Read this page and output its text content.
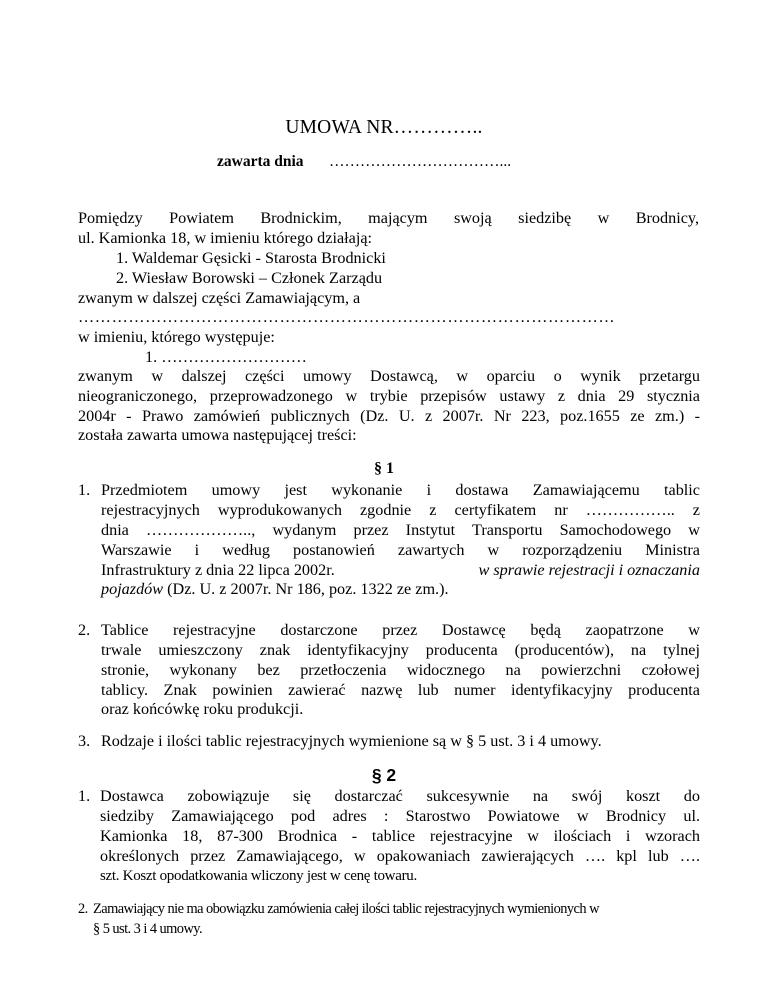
UMOWA NR…………..
zawarta dnia ……………………………...
Pomiędzy Powiatem Brodnickim, mającym swoją siedzibę w Brodnicy,
ul. Kamionka 18, w imieniu którego działają:
1. Waldemar Gęsicki - Starosta Brodnicki
2. Wiesław Borowski – Członek Zarządu
zwanym w dalszej części Zamawiającym, a
……………………………………………………………………………………
w imieniu, którego występuje:
1. ………………………
zwanym w dalszej części umowy Dostawcą, w oparciu o wynik przetargu
nieograniczonego, przeprowadzonego w trybie przepisów ustawy z dnia 29 stycznia
2004r - Prawo zamówień publicznych (Dz. U. z 2007r. Nr 223, poz.1655 ze zm.) -
została zawarta umowa następującej treści:
§ 1
1. Przedmiotem umowy jest wykonanie i dostawa Zamawiającemu tablic
rejestracyjnych wyprodukowanych zgodnie z certyfikatem nr …………….. z
dnia ……………….., wydanym przez Instytut Transportu Samochodowego w
Warszawie i według postanowień zawartych w rozporządzeniu Ministra
Infrastruktury z dnia 22 lipca 2002r.	w sprawie rejestracji i oznaczania
pojazdów (Dz. U. z 2007r. Nr 186, poz. 1322 ze zm.).
2. Tablice rejestracyjne dostarczone przez Dostawcę będą zaopatrzone w
trwale umieszczony znak identyfikacyjny producenta (producentów), na tylnej
stronie, wykonany bez przetłoczenia widocznego na powierzchni czołowej
tablicy. Znak powinien zawierać nazwę lub numer identyfikacyjny producenta
oraz końcówkę roku produkcji.
3. Rodzaje i ilości tablic rejestracyjnych wymienione są w § 5 ust. 3 i 4 umowy.
§ 2
1. Dostawca zobowiązuje się dostarczać sukcesywnie na swój koszt do
siedziby Zamawiającego pod adres : Starostwo Powiatowe w Brodnicy ul.
Kamionka 18, 87-300 Brodnica - tablice rejestracyjne w ilościach i wzorach
określonych przez Zamawiającego, w opakowaniach zawierających …. kpl lub ….
szt. Koszt opodatkowania wliczony jest w cenę towaru.
2. Zamawiający nie ma obowiązku zamówienia całej ilości tablic rejestracyjnych wymienionych w
§ 5 ust. 3 i 4 umowy.
